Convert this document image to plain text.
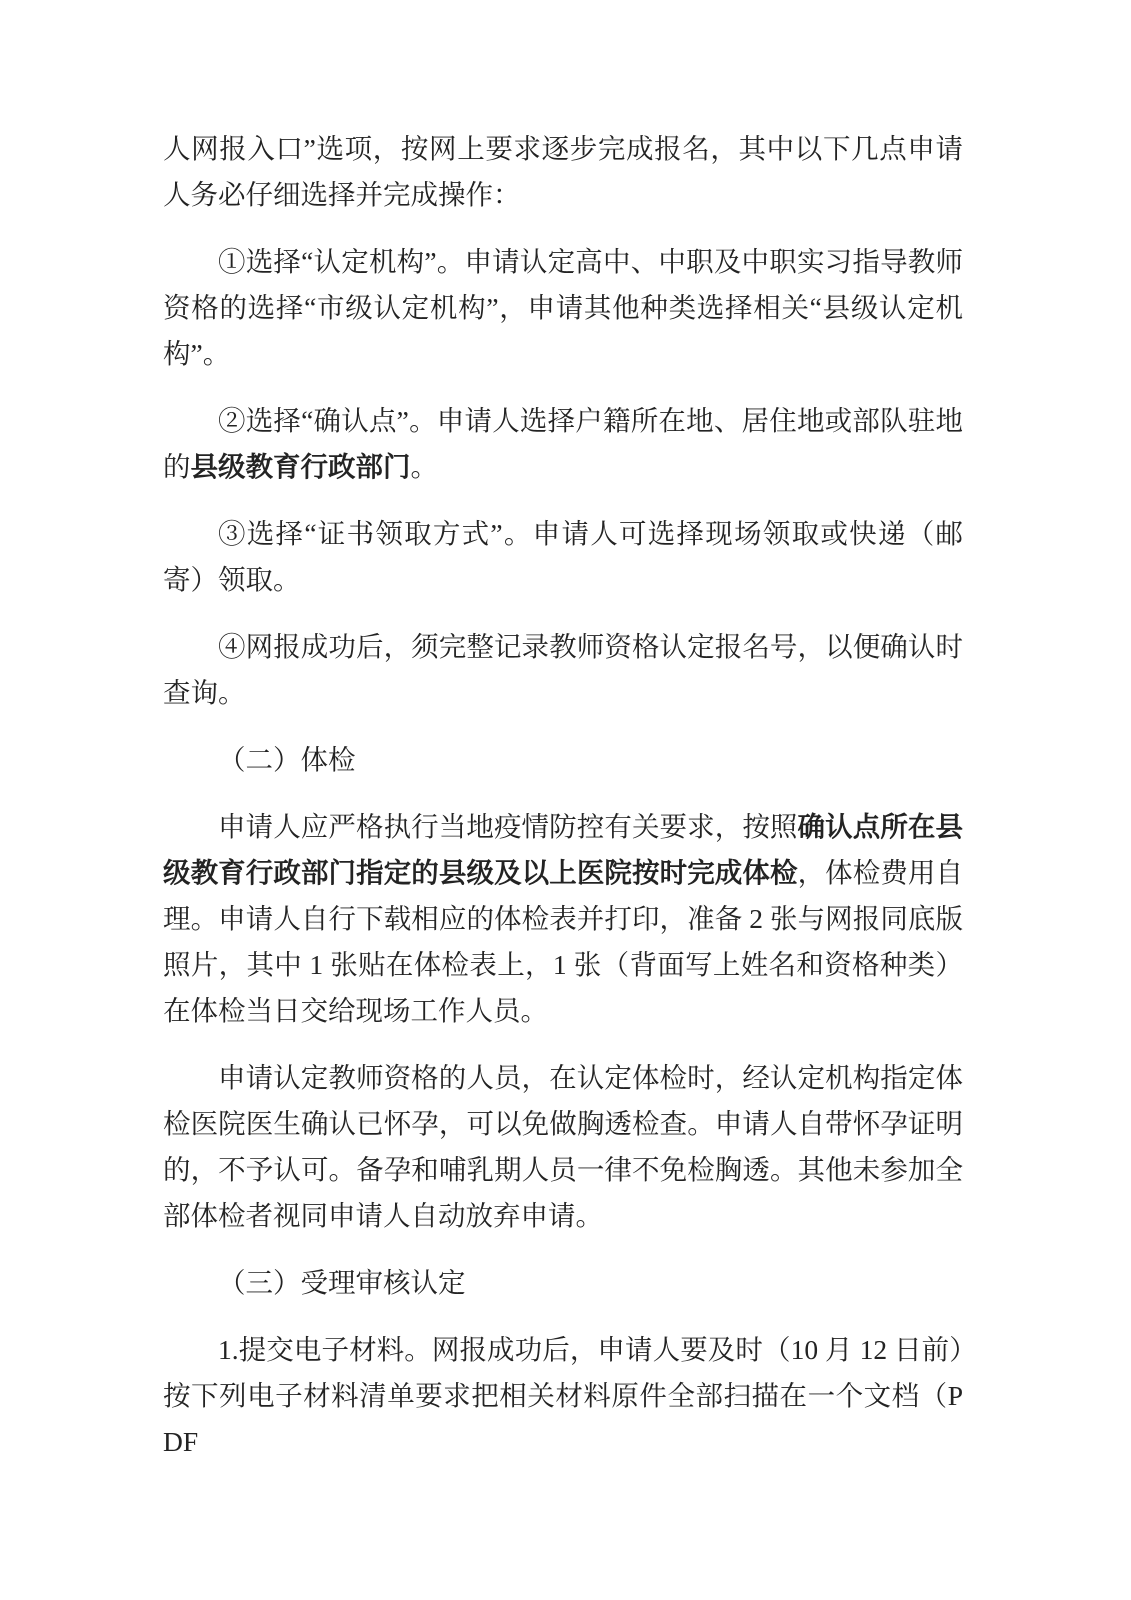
人网报入口”选项，按网上要求逐步完成报名，其中以下几点申请人务必仔细选择并完成操作：

①选择“认定机构”。申请认定高中、中职及中职实习指导教师资格的选择“市级认定机构”，申请其他种类选择相关“县级认定机构”。

②选择“确认点”。申请人选择户籍所在地、居住地或部队驻地的县级教育行政部门。

③选择“证书领取方式”。申请人可选择现场领取或快递（邮寄）领取。

④网报成功后，须完整记录教师资格认定报名号，以便确认时查询。

（二）体检

申请人应严格执行当地疫情防控有关要求，按照确认点所在县级教育行政部门指定的县级及以上医院按时完成体检，体检费用自理。申请人自行下载相应的体检表并打印，准备 2 张与网报同底版照片，其中 1 张贴在体检表上，1 张（背面写上姓名和资格种类）在体检当日交给现场工作人员。

申请认定教师资格的人员，在认定体检时，经认定机构指定体检医院医生确认已怀孕，可以免做胸透检查。申请人自带怀孕证明的，不予认可。备孕和哺乳期人员一律不免检胸透。其他未参加全部体检者视同申请人自动放弃申请。

（三）受理审核认定

1.提交电子材料。网报成功后，申请人要及时（10 月 12 日前）按下列电子材料清单要求把相关材料原件全部扫描在一个文档（PDF
